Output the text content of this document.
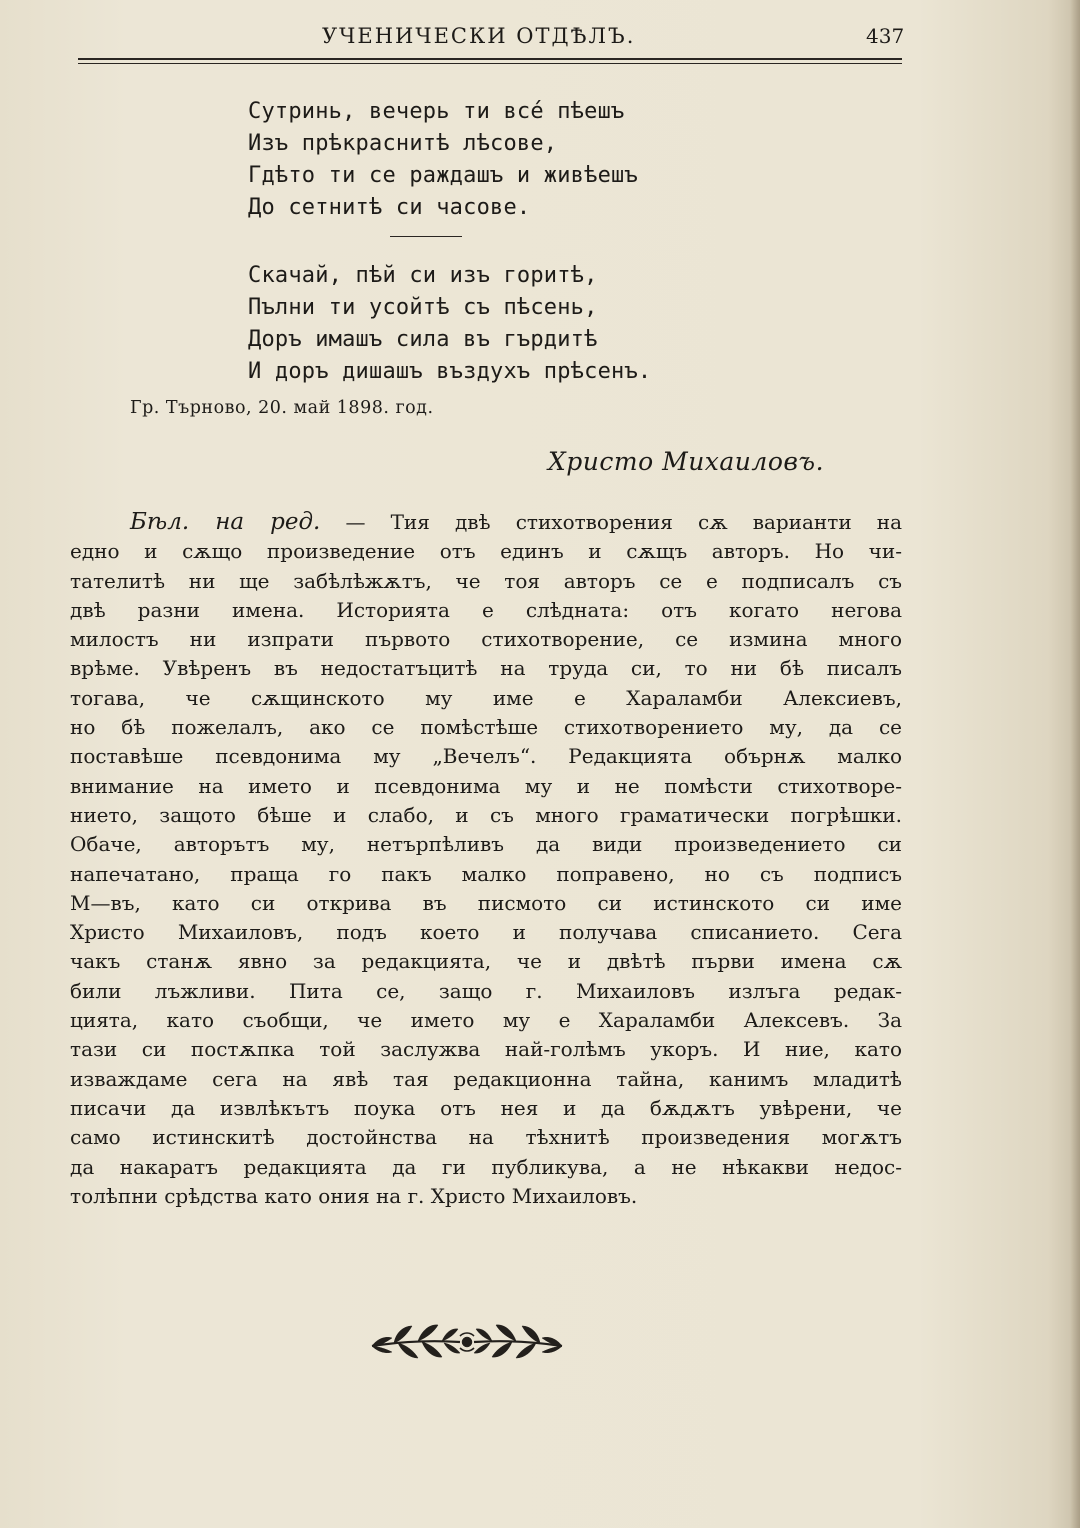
УЧЕНИЧЕСКИ ОТДѢЛЪ.	437
Сутринь, вечерь ти всé пѣешъ
Изъ прѣкраснитѣ лѣсове,
Гдѣто ти се раждашъ и живѣешъ
До сетнитѣ си часове.
Скачай, пѣй си изъ горитѣ,
Пълни ти усойтѣ съ пѣсень,
Доръ имашъ сила въ гърдитѣ
И доръ дишашъ въздухъ прѣсенъ.
Гр. Търново, 20. май 1898. год.
Христо Михаиловъ.
Бѣл. на ред. — Тия двѣ стихотворения сѫ варианти на
едно и сѫщо произведение отъ единъ и сѫщъ авторъ. Но чи-
тателитѣ ни ще забѣлѣжѫтъ, че тоя авторъ се е подписалъ съ
двѣ разни имена. Историята е слѣдната: отъ когато негова
милостъ ни изпрати първото стихотворение, се измина много
врѣме. Увѣренъ въ недостатъцитѣ на труда си, то ни бѣ писалъ
тогава, че сѫщинското му име е Хараламби Алексиевъ,
но бѣ пожелалъ, ако се помѣстѣше стихотворението му, да се
поставѣше псевдонима му „Вечелъ“. Редакцията обърнѫ малко
внимание на името и псевдонима му и не помѣсти стихотворе-
нието, защото бѣше и слабо, и съ много граматически погрѣшки.
Обаче, авторътъ му, нетърпѣливъ да види произведението си
напечатано, праща го пакъ малко поправено, но съ подписъ
М—въ, като си открива въ писмото си истинското си име
Христо Михаиловъ, подъ което и получава списанието. Сега
чакъ станѫ явно за редакцията, че и двѣтѣ първи имена сѫ
били лъжливи. Пита се, защо г. Михаиловъ излъга редак-
цията, като съобщи, че името му е Хараламби Алексевъ. За
тази си постѫпка той заслужва най-голѣмъ укоръ. И ние, като
изваждаме сега на явѣ тая редакционна тайна, канимъ младитѣ
писачи да извлѣкътъ поука отъ нея и да бѫдѫтъ увѣрени, че
само истинскитѣ достойнства на тѣхнитѣ произведения могѫтъ
да накаратъ редакцията да ги публикува, а не нѣкакви недос-
толѣпни срѣдства като ония на г. Христо Михаиловъ.
